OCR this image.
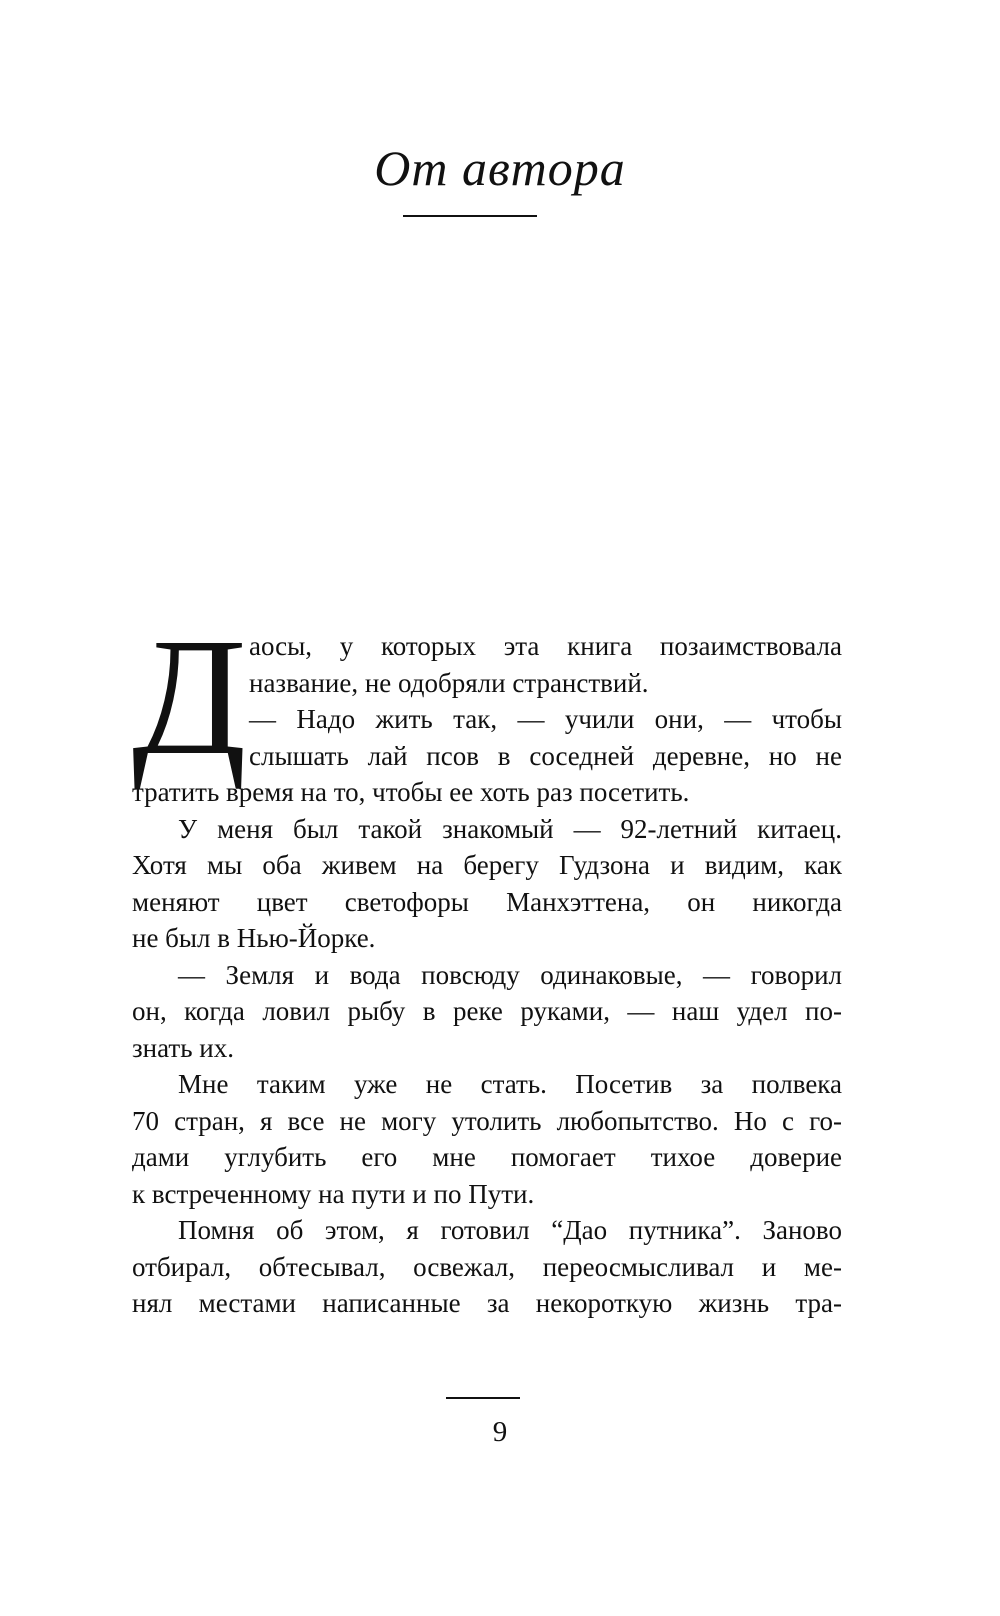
От автора
Д аосы, у которых эта книга позаимствовала
название, не одобряли странствий.
— Надо жить так, — учили они, — чтобы
слышать лай псов в соседней деревне, но не
тратить время на то, чтобы ее хоть раз посетить.
У меня был такой знакомый — 92-летний китаец.
Хотя мы оба живем на берегу Гудзона и видим, как
меняют цвет светофоры Манхэттена, он никогда
не был в Нью-Йорке.
— Земля и вода повсюду одинаковые, — говорил
он, когда ловил рыбу в реке руками, — наш удел по-
знать их.
Мне таким уже не стать. Посетив за полвека
70 стран, я все не могу утолить любопытство. Но с го-
дами углубить его мне помогает тихое доверие
к встреченному на пути и по Пути.
Помня об этом, я готовил “Дао путника”. Заново
отбирал, обтесывал, освежал, переосмысливал и ме-
нял местами написанные за некороткую жизнь тра-
9
